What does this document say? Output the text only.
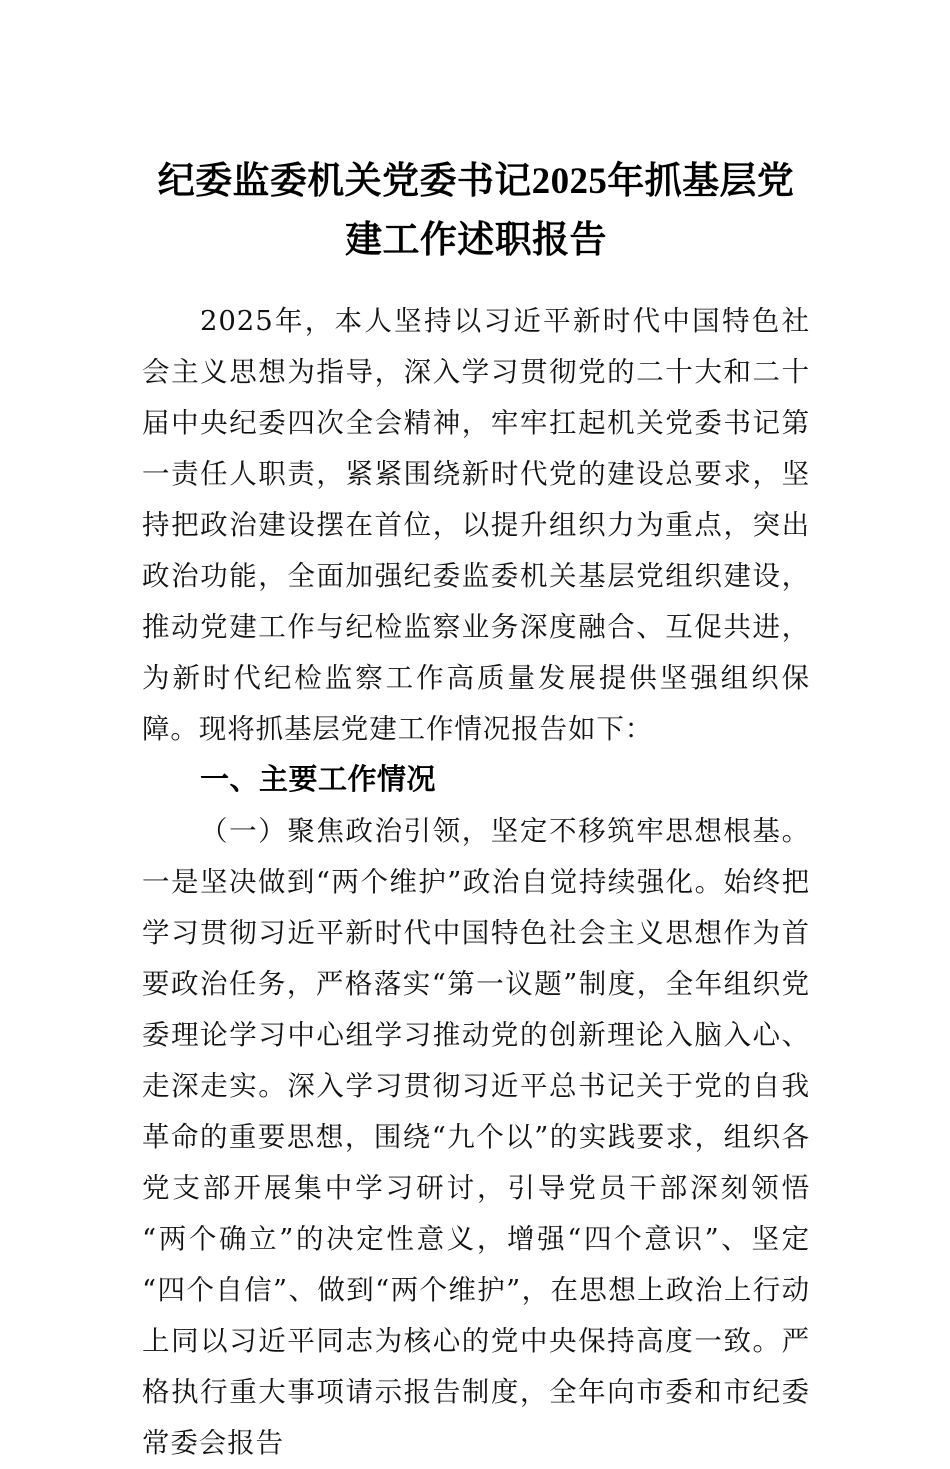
纪委监委机关党委书记2025年抓基层党建工作述职报告

2025年，本人坚持以习近平新时代中国特色社会主义思想为指导，深入学习贯彻党的二十大和二十届中央纪委四次全会精神，牢牢扛起机关党委书记第一责任人职责，紧紧围绕新时代党的建设总要求，坚持把政治建设摆在首位，以提升组织力为重点，突出政治功能，全面加强纪委监委机关基层党组织建设，推动党建工作与纪检监察业务深度融合、互促共进，为新时代纪检监察工作高质量发展提供坚强组织保障。现将抓基层党建工作情况报告如下：

一、主要工作情况

（一）聚焦政治引领，坚定不移筑牢思想根基。一是坚决做到“两个维护”政治自觉持续强化。始终把学习贯彻习近平新时代中国特色社会主义思想作为首要政治任务，严格落实“第一议题”制度，全年组织党委理论学习中心组学习推动党的创新理论入脑入心、走深走实。深入学习贯彻习近平总书记关于党的自我革命的重要思想，围绕“九个以”的实践要求，组织各党支部开展集中学习研讨，引导党员干部深刻领悟“两个确立”的决定性意义，增强“四个意识”、坚定“四个自信”、做到“两个维护”，在思想上政治上行动上同以习近平同志为核心的党中央保持高度一致。严格执行重大事项请示报告制度，全年向市委和市纪委常委会报告
